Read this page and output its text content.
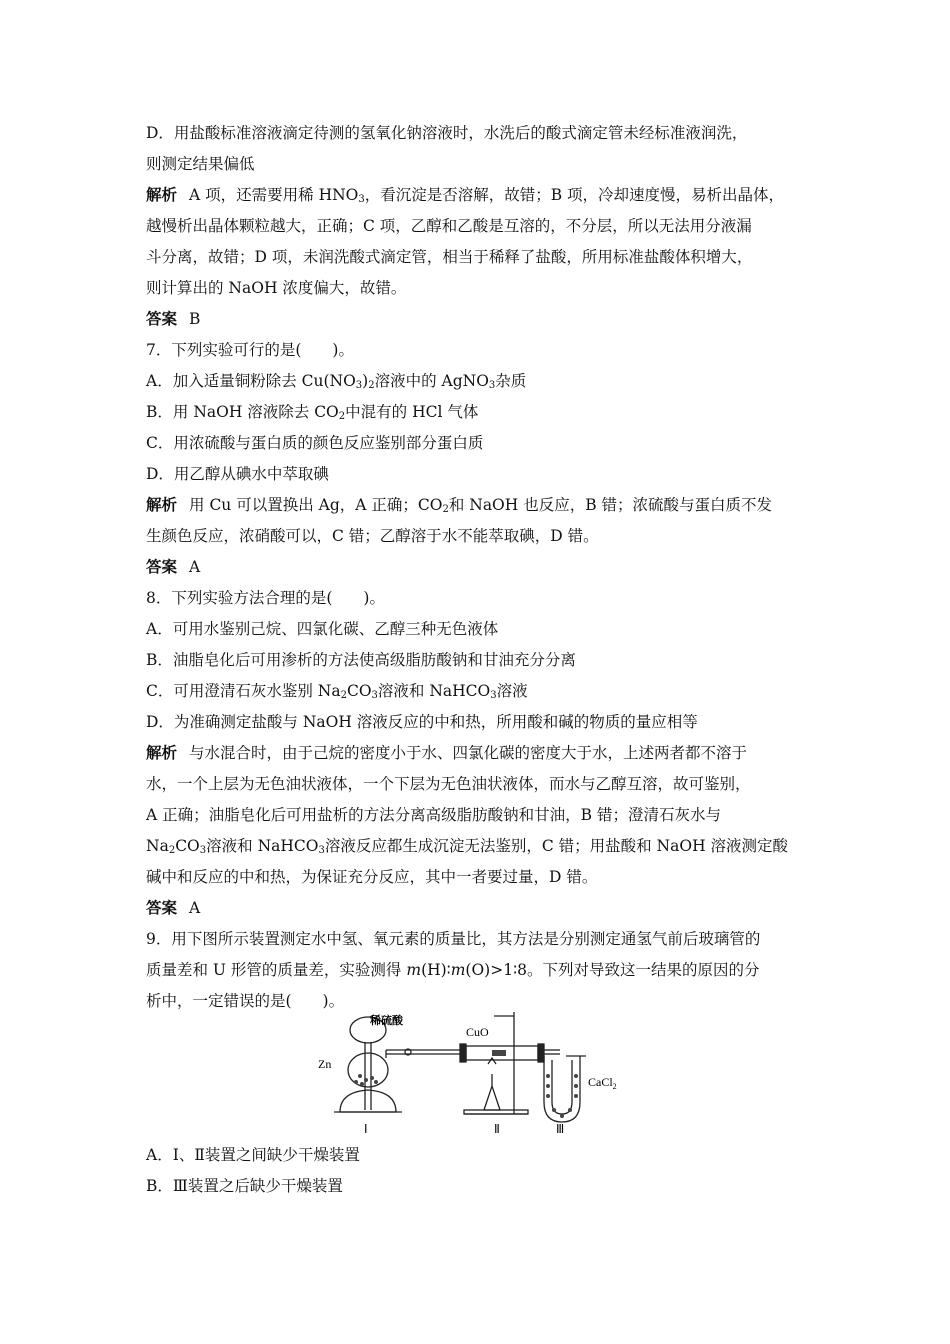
D．用盐酸标准溶液滴定待测的氢氧化钠溶液时，水洗后的酸式滴定管未经标准液润洗，
则测定结果偏低
解析 A 项，还需要用稀 $HNO_3$，看沉淀是否溶解，故错；B 项，冷却速度慢，易析出晶体，
越慢析出晶体颗粒越大，正确；C 项，乙醇和乙酸是互溶的，不分层，所以无法用分液漏
斗分离，故错；D 项，未润洗酸式滴定管，相当于稀释了盐酸，所用标准盐酸体积增大，
则计算出的 NaOH 浓度偏大，故错。
答案 B
7．下列实验可行的是(　　)。
A．加入适量铜粉除去 $Cu(NO_3)_2$溶液中的 AgNO$_3$杂质
B．用 NaOH 溶液除去 $CO_2$中混有的 HCl 气体
C．用浓硫酸与蛋白质的颜色反应鉴别部分蛋白质
D．用乙醇从碘水中萃取碘
解析 用 Cu 可以置换出 Ag，A 正确；$CO_2$和 NaOH 也反应，B 错；浓硫酸与蛋白质不发
生颜色反应，浓硝酸可以，C 错；乙醇溶于水不能萃取碘，D 错。
答案 A
8．下列实验方法合理的是(　　)。
A．可用水鉴别己烷、四氯化碳、乙醇三种无色液体
B．油脂皂化后可用渗析的方法使高级脂肪酸钠和甘油充分分离
C．可用澄清石灰水鉴别 $Na_2CO_3$溶液和 NaHCO$_3$溶液
D．为准确测定盐酸与 NaOH 溶液反应的中和热，所用酸和碱的物质的量应相等
解析 与水混合时，由于己烷的密度小于水、四氯化碳的密度大于水，上述两者都不溶于
水，一个上层为无色油状液体，一个下层为无色油状液体，而水与乙醇互溶，故可鉴别，
A 正确；油脂皂化后可用盐析的方法分离高级脂肪酸钠和甘油，B 错；澄清石灰水与
$Na_2CO_3$溶液和 NaHCO$_3$溶液反应都生成沉淀无法鉴别，C 错；用盐酸和 NaOH 溶液测定酸
碱中和反应的中和热，为保证充分反应，其中一者要过量，D 错。
答案 A
9．用下图所示装置测定水中氢、氧元素的质量比，其方法是分别测定通氢气前后玻璃管的
质量差和 U 形管的质量差，实验测得 m(H)∶m(O)>1∶8。下列对导致这一结果的原因的分
析中，一定错误的是(　　)。
稀硫酸
CuO
Zn
CaCl$_2$
Ⅰ	Ⅱ	Ⅲ
A．Ⅰ、Ⅱ装置之间缺少干燥装置
B．Ⅲ装置之后缺少干燥装置
